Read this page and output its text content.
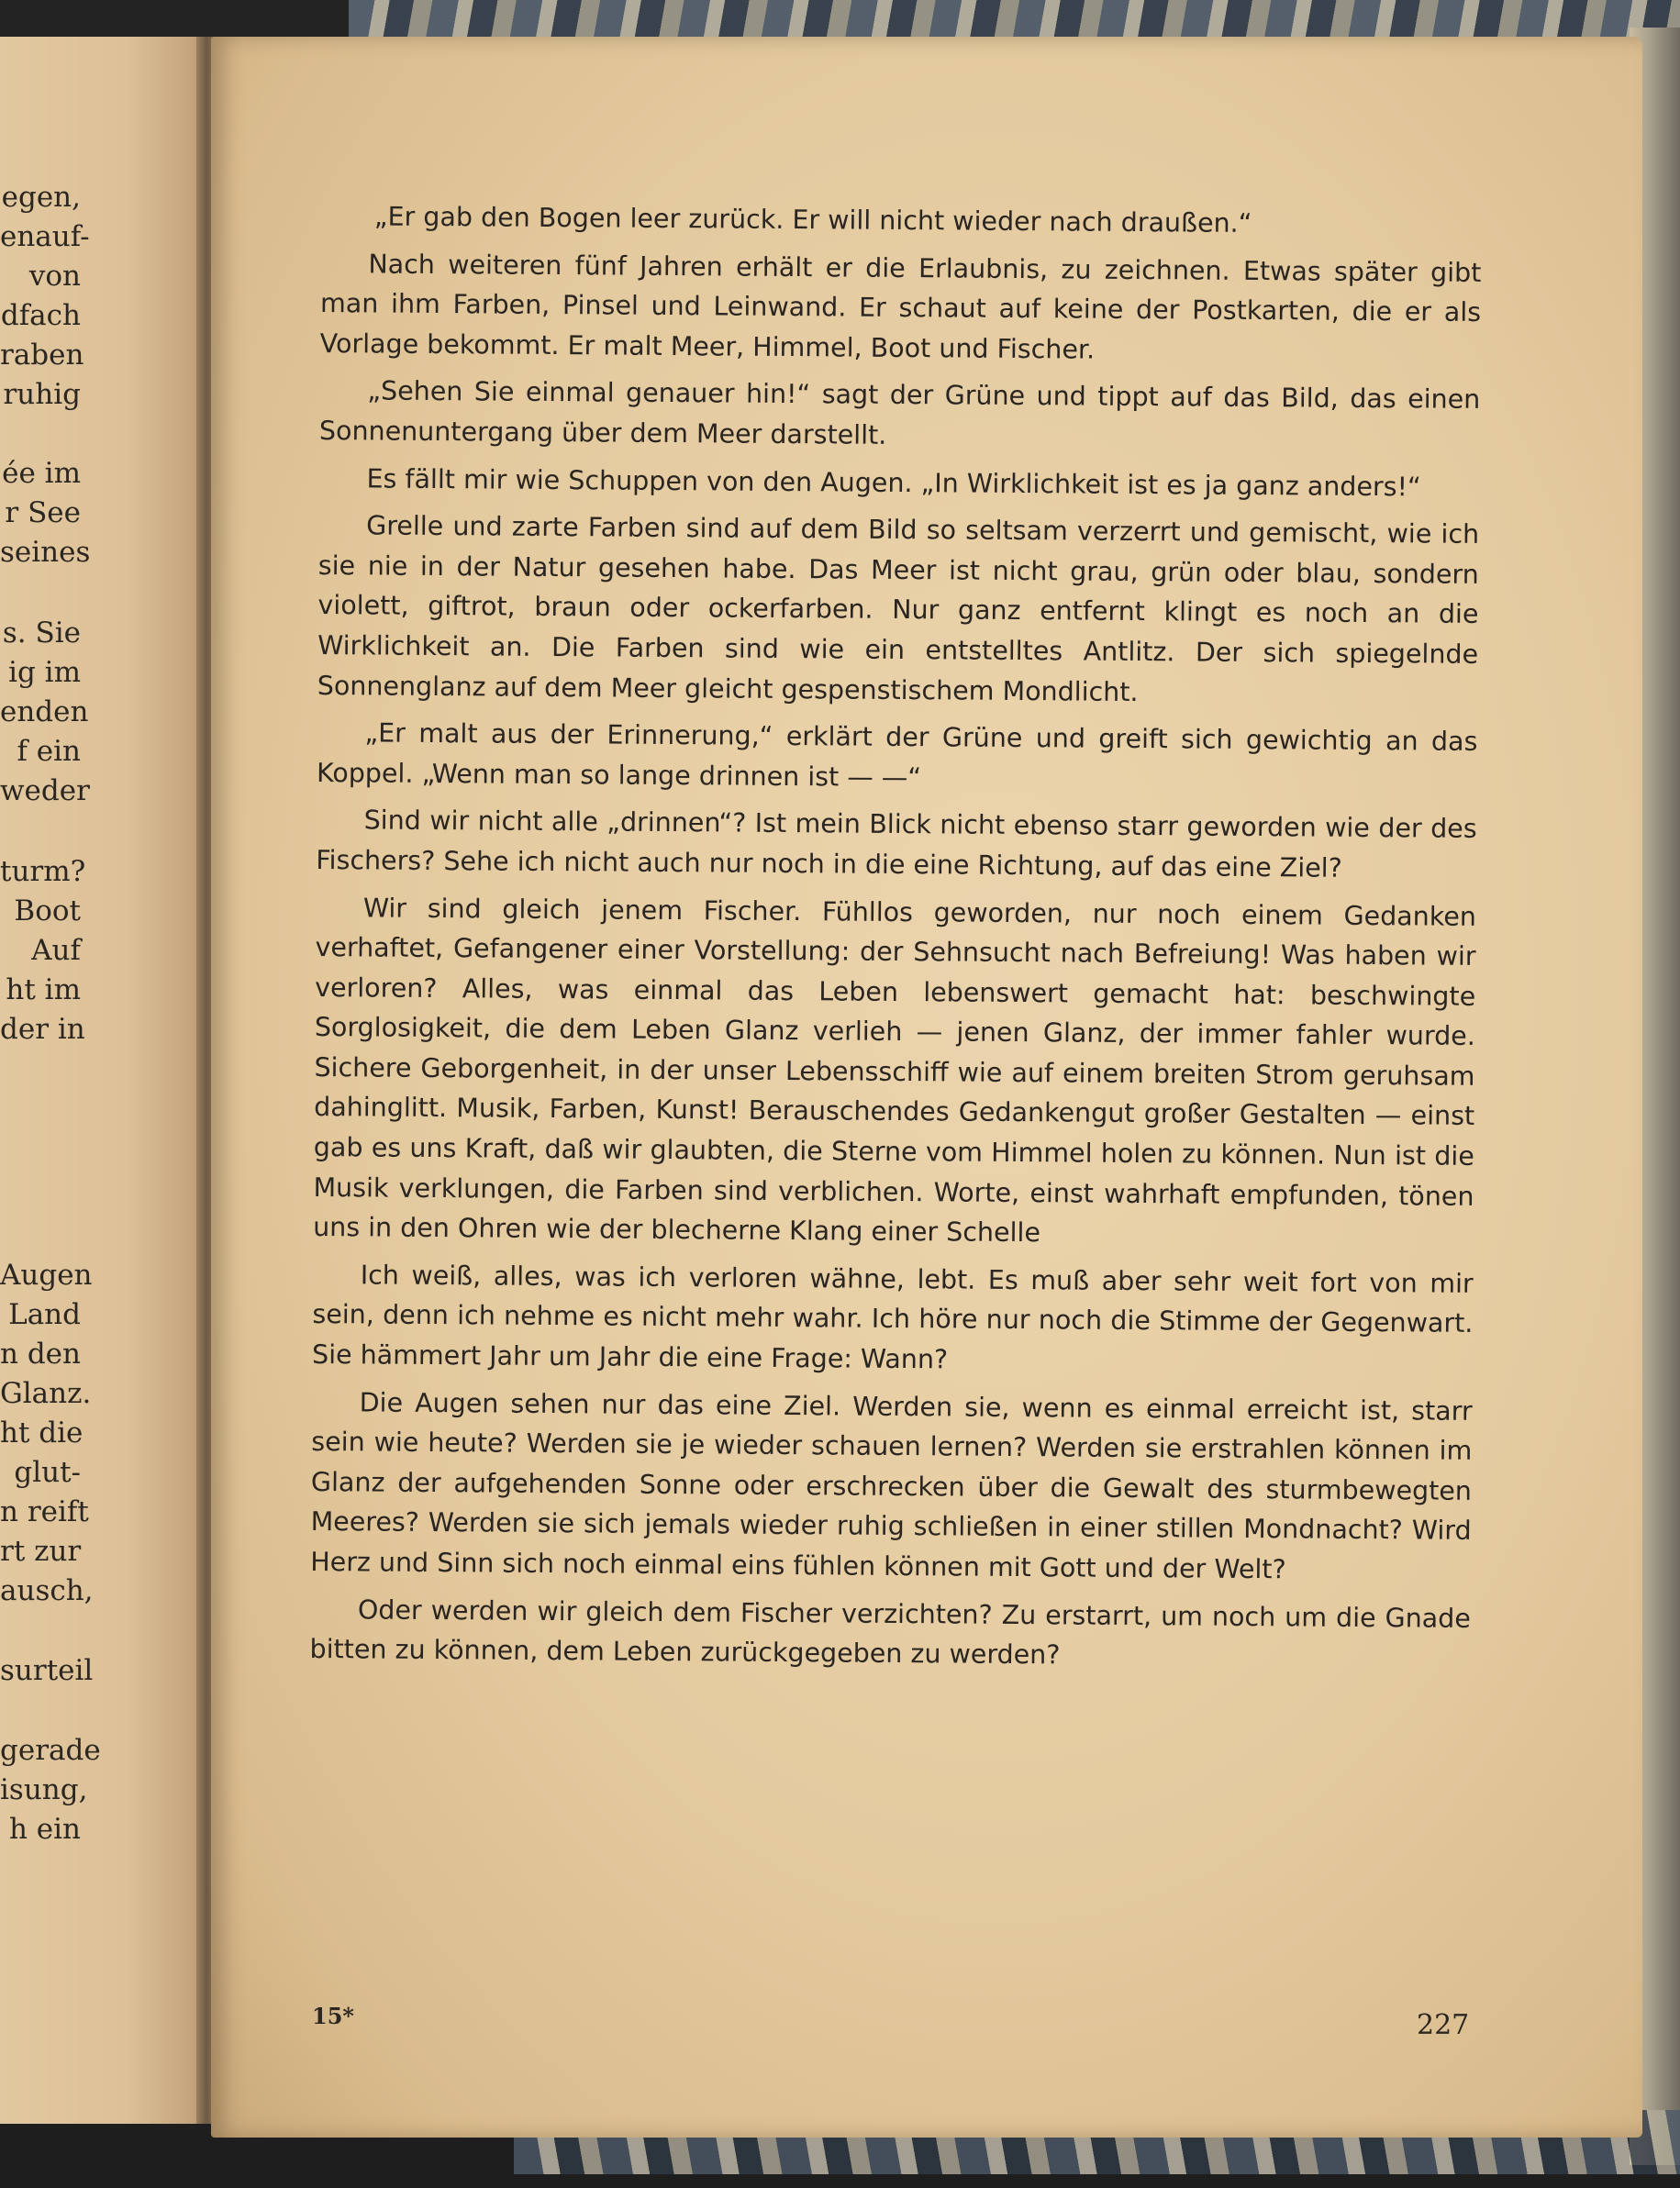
egen,
enauf-
von
dfach
raben
ruhig
ée im
r See
seines
s. Sie
ig im
enden
f ein
weder
turm?
Boot
Auf
ht im
der in
Augen
Land
n den
Glanz.
ht die
glut-
n reift
rt zur
ausch,
surteil
gerade
isung,
h ein

„Er gab den Bogen leer zurück. Er will nicht wieder nach draußen.“

Nach weiteren fünf Jahren erhält er die Erlaubnis, zu zeichnen. Etwas später gibt man ihm Farben, Pinsel und Leinwand. Er schaut auf keine der Postkarten, die er als Vorlage bekommt. Er malt Meer, Himmel, Boot und Fischer.

„Sehen Sie einmal genauer hin!“ sagt der Grüne und tippt auf das Bild, das einen Sonnenuntergang über dem Meer darstellt.

Es fällt mir wie Schuppen von den Augen. „In Wirklichkeit ist es ja ganz anders!“

Grelle und zarte Farben sind auf dem Bild so seltsam verzerrt und gemischt, wie ich sie nie in der Natur gesehen habe. Das Meer ist nicht grau, grün oder blau, sondern violett, giftrot, braun oder ockerfarben. Nur ganz entfernt klingt es noch an die Wirklichkeit an. Die Farben sind wie ein entstelltes Antlitz. Der sich spiegelnde Sonnenglanz auf dem Meer gleicht gespenstischem Mondlicht.

„Er malt aus der Erinnerung,“ erklärt der Grüne und greift sich gewichtig an das Koppel. „Wenn man so lange drinnen ist — —“

Sind wir nicht alle „drinnen“? Ist mein Blick nicht ebenso starr geworden wie der des Fischers? Sehe ich nicht auch nur noch in die eine Richtung, auf das eine Ziel?

Wir sind gleich jenem Fischer. Fühllos geworden, nur noch einem Gedanken verhaftet, Gefangener einer Vorstellung: der Sehnsucht nach Befreiung! Was haben wir verloren? Alles, was einmal das Leben lebenswert gemacht hat: beschwingte Sorglosigkeit, die dem Leben Glanz verlieh — jenen Glanz, der immer fahler wurde. Sichere Geborgenheit, in der unser Lebensschiff wie auf einem breiten Strom geruhsam dahinglitt. Musik, Farben, Kunst! Berauschendes Gedankengut großer Gestalten — einst gab es uns Kraft, daß wir glaubten, die Sterne vom Himmel holen zu können. Nun ist die Musik verklungen, die Farben sind verblichen. Worte, einst wahrhaft empfunden, tönen uns in den Ohren wie der blecherne Klang einer Schelle

Ich weiß, alles, was ich verloren wähne, lebt. Es muß aber sehr weit fort von mir sein, denn ich nehme es nicht mehr wahr. Ich höre nur noch die Stimme der Gegenwart. Sie hämmert Jahr um Jahr die eine Frage: Wann?

Die Augen sehen nur das eine Ziel. Werden sie, wenn es einmal erreicht ist, starr sein wie heute? Werden sie je wieder schauen lernen? Werden sie erstrahlen können im Glanz der aufgehenden Sonne oder erschrecken über die Gewalt des sturmbewegten Meeres? Werden sie sich jemals wieder ruhig schließen in einer stillen Mondnacht? Wird Herz und Sinn sich noch einmal eins fühlen können mit Gott und der Welt?

Oder werden wir gleich dem Fischer verzichten? Zu erstarrt, um noch um die Gnade bitten zu können, dem Leben zurückgegeben zu werden?

15*	227
